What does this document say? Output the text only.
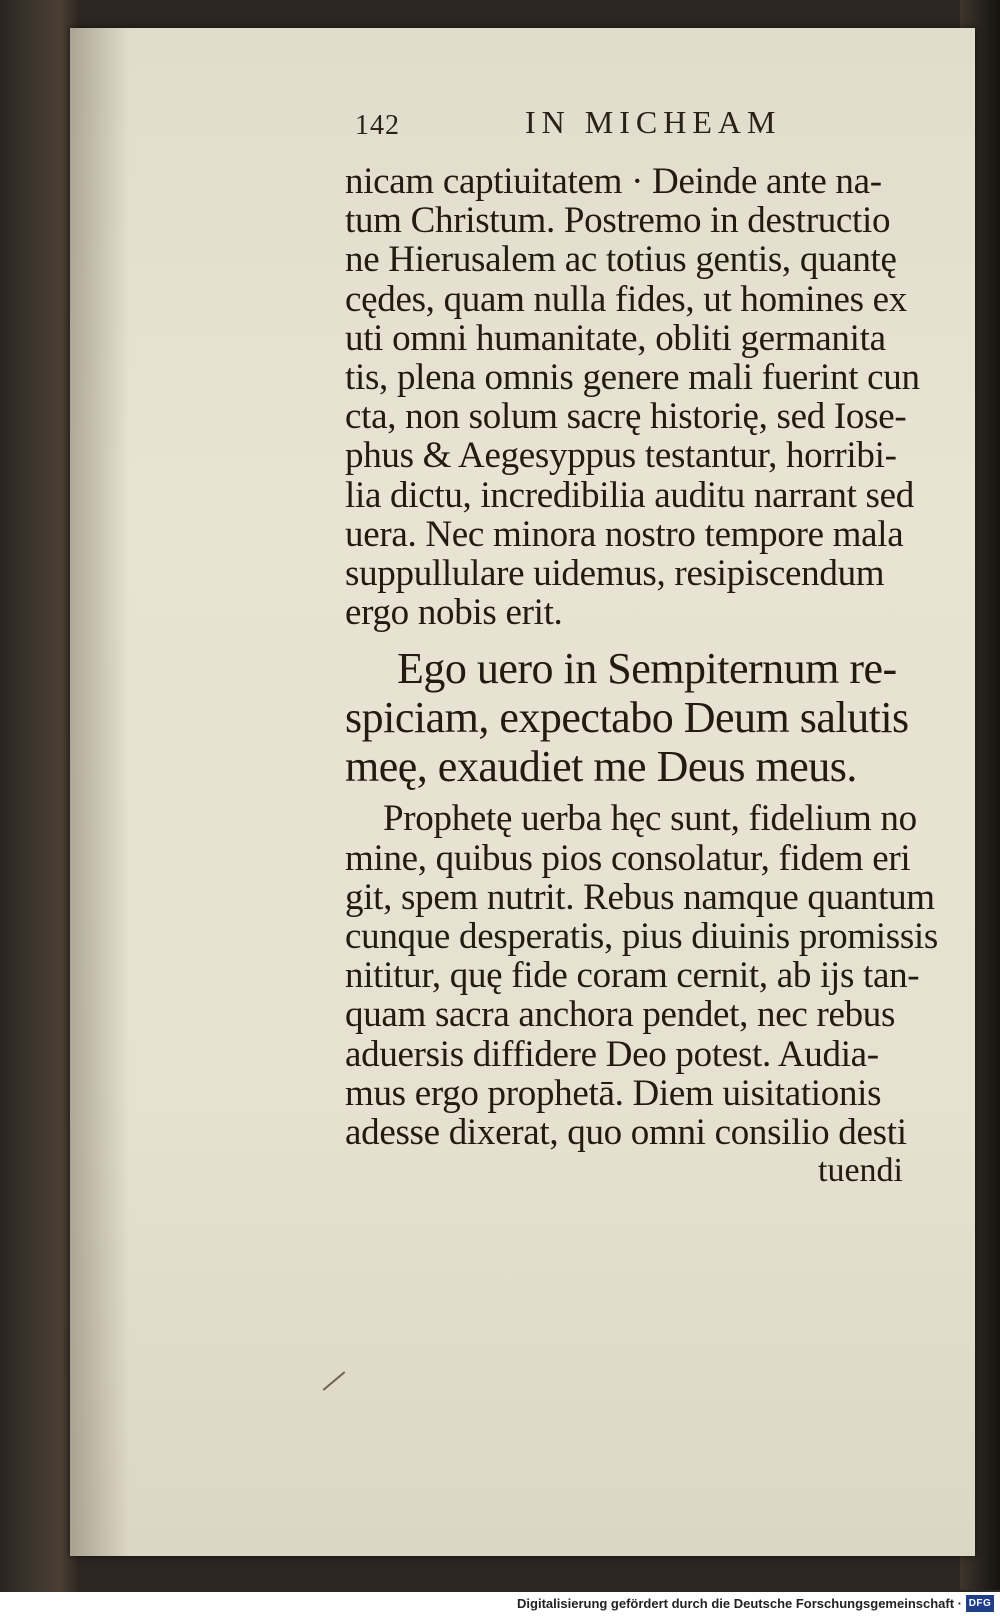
142	IN MICHEAM
nicam captiuitatem · Deinde ante na-
tum Christum. Postremo in destructio
ne Hierusalem ac totius gentis, quantę
cędes, quam nulla fides, ut homines ex
uti omni humanitate, obliti germanita
tis, plena omnis genere mali fuerint cun
cta, non solum sacrę historię, sed Iose-
phus & Aegesyppus testantur, horribi-
lia dictu, incredibilia auditu narrant sed
uera. Nec minora nostro tempore mala
suppullulare uidemus, resipiscendum
ergo nobis erit.
Ego uero in Sempiternum re-
spiciam, expectabo Deum salutis
meę, exaudiet me Deus meus.
Prophetę uerba hęc sunt, fidelium no
mine, quibus pios consolatur, fidem eri
git, spem nutrit. Rebus namque quantum
cunque desperatis, pius diuinis promissis
nititur, quę fide coram cernit, ab ijs tan-
quam sacra anchora pendet, nec rebus
aduersis diffidere Deo potest. Audia-
mus ergo prophetā. Diem uisitationis
adesse dixerat, quo omni consilio desti
tuendi
Digitalisierung gefördert durch die Deutsche Forschungsgemeinschaft · DFG
